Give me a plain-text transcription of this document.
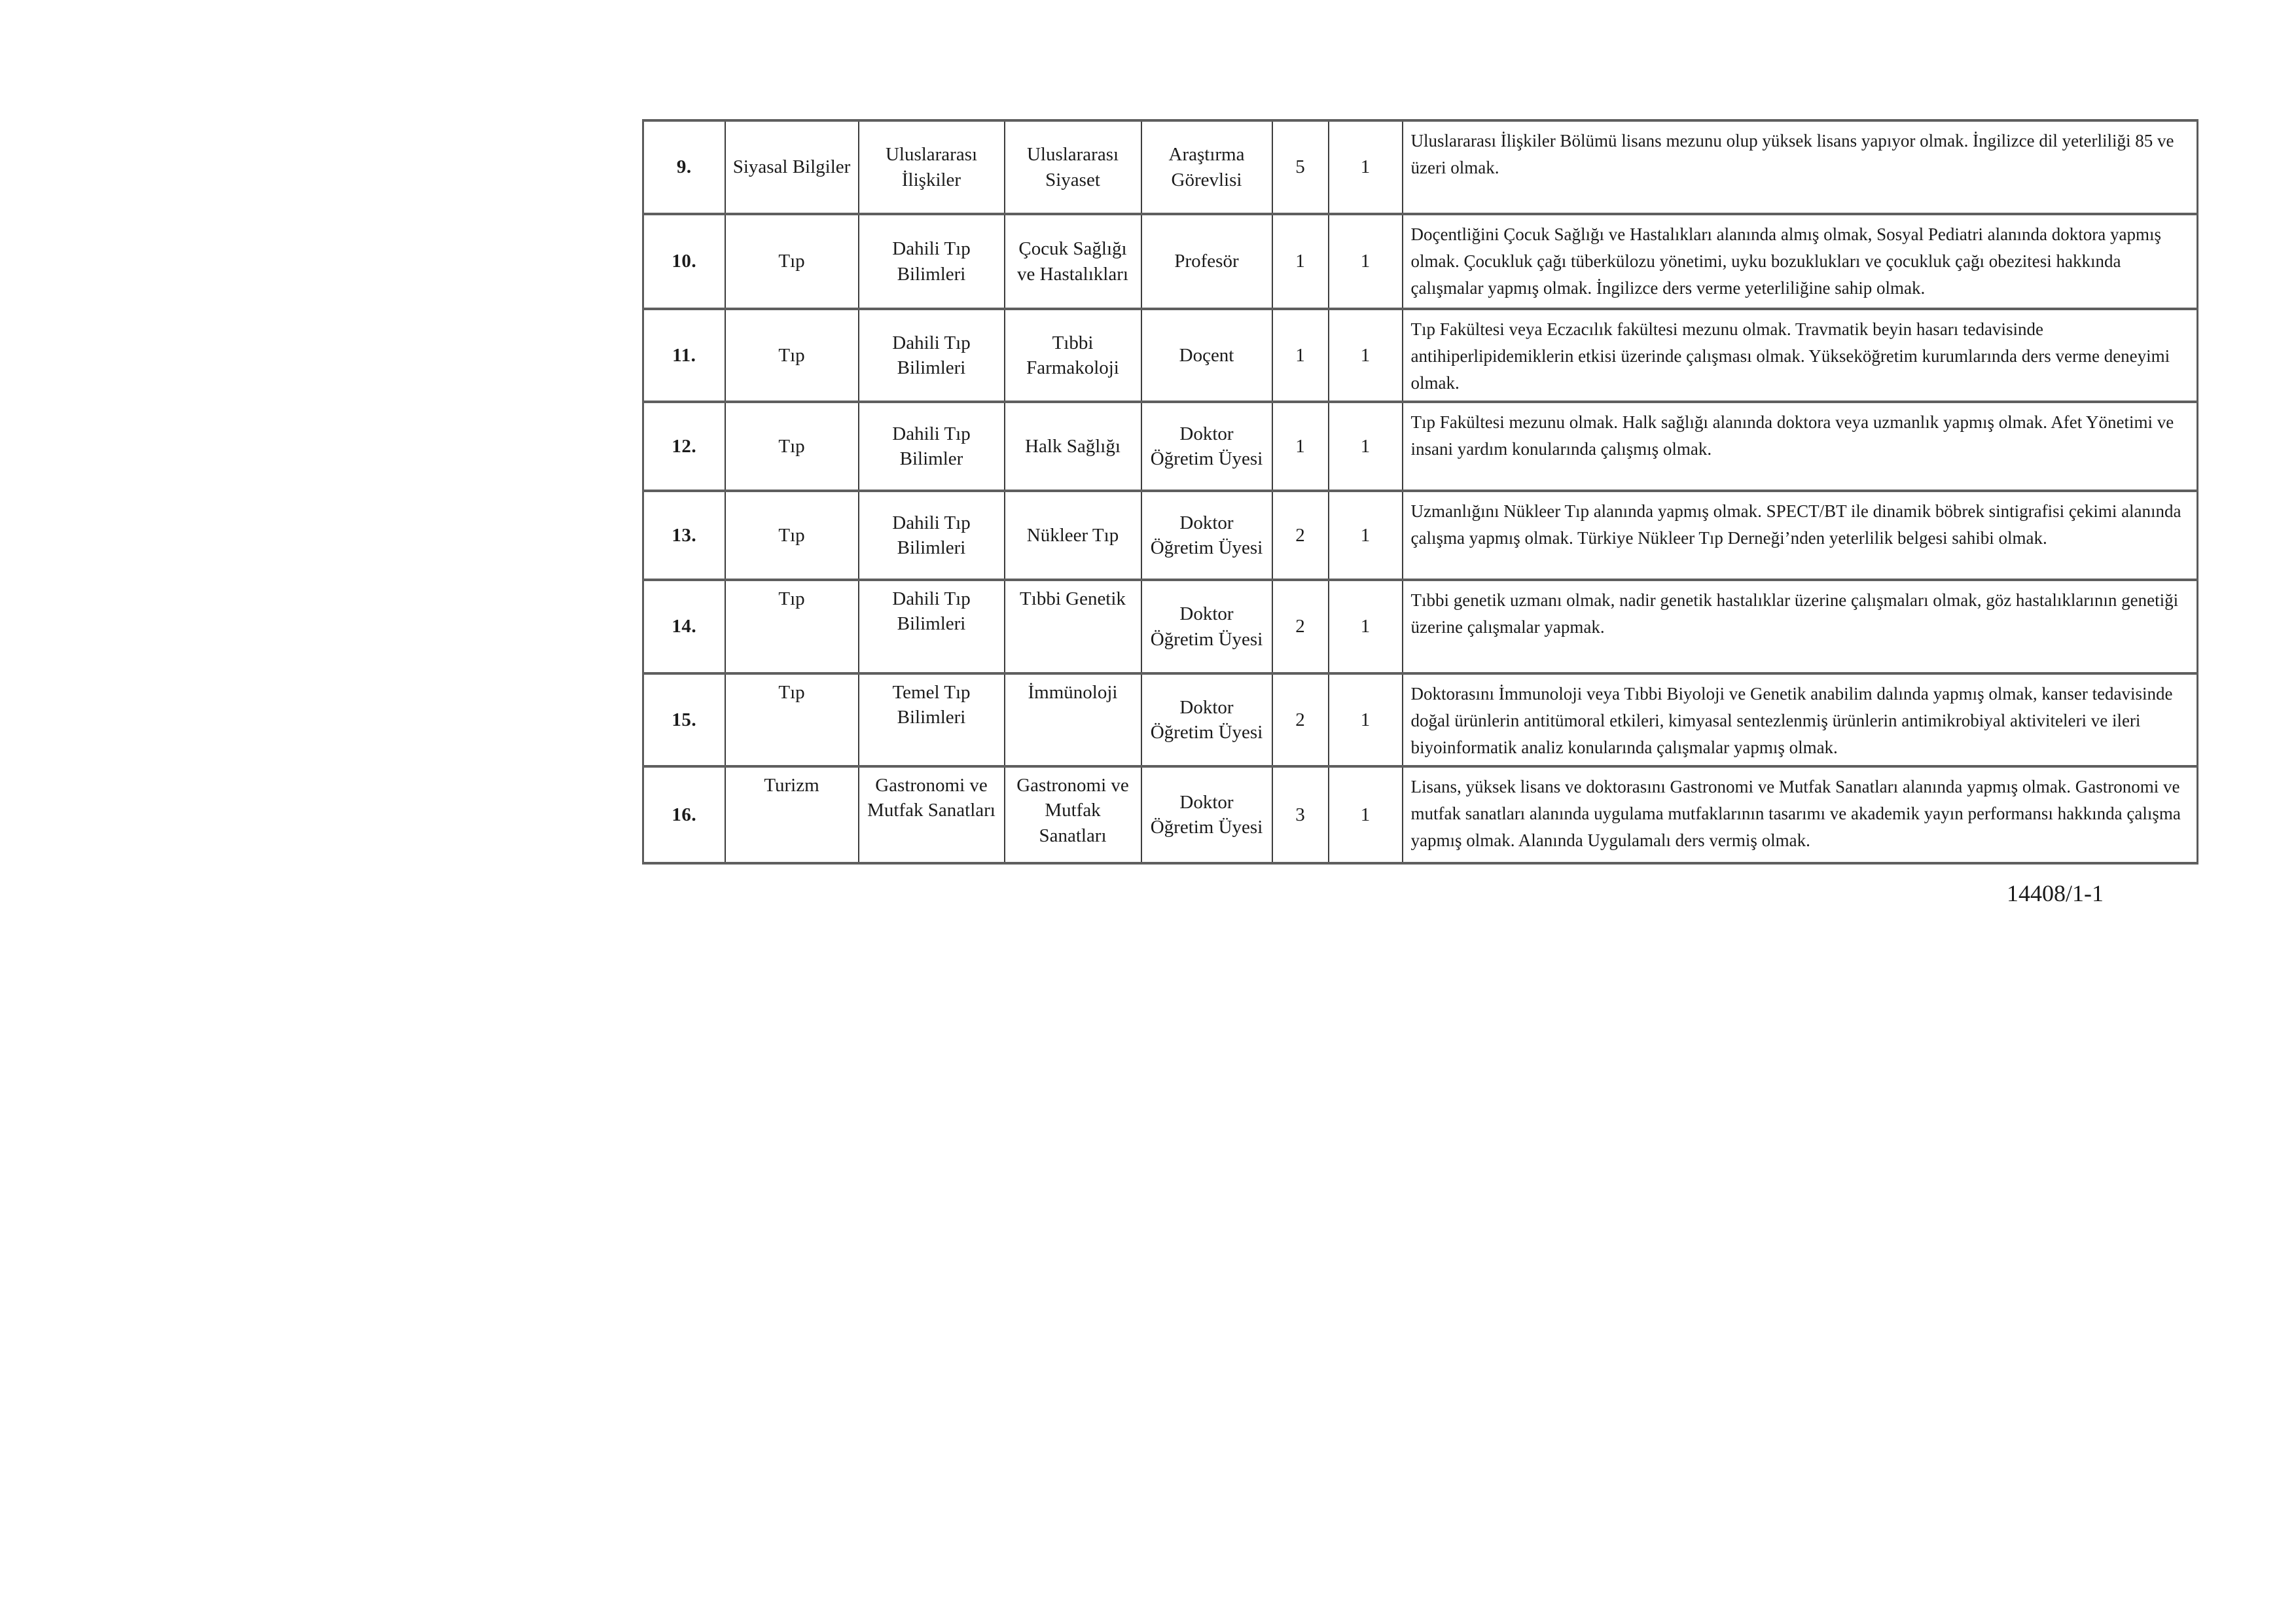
9.	Siyasal Bilgiler	Uluslararası İlişkiler	Uluslararası Siyaset	Araştırma Görevlisi	5	1	Uluslararası İlişkiler Bölümü lisans mezunu olup yüksek lisans yapıyor olmak. İngilizce dil yeterliliği 85 ve üzeri olmak.
10.	Tıp	Dahili Tıp Bilimleri	Çocuk Sağlığı ve Hastalıkları	Profesör	1	1	Doçentliğini Çocuk Sağlığı ve Hastalıkları alanında almış olmak, Sosyal Pediatri alanında doktora yapmış olmak. Çocukluk çağı tüberkülozu yönetimi, uyku bozuklukları ve çocukluk çağı obezitesi hakkında çalışmalar yapmış olmak. İngilizce ders verme yeterliliğine sahip olmak.
11.	Tıp	Dahili Tıp Bilimleri	Tıbbi Farmakoloji	Doçent	1	1	Tıp Fakültesi veya Eczacılık fakültesi mezunu olmak. Travmatik beyin hasarı tedavisinde antihiperlipidemiklerin etkisi üzerinde çalışması olmak. Yükseköğretim kurumlarında ders verme deneyimi olmak.
12.	Tıp	Dahili Tıp Bilimler	Halk Sağlığı	Doktor Öğretim Üyesi	1	1	Tıp Fakültesi mezunu olmak. Halk sağlığı alanında doktora veya uzmanlık yapmış olmak. Afet Yönetimi ve insani yardım konularında çalışmış olmak.
13.	Tıp	Dahili Tıp Bilimleri	Nükleer Tıp	Doktor Öğretim Üyesi	2	1	Uzmanlığını Nükleer Tıp alanında yapmış olmak. SPECT/BT ile dinamik böbrek sintigrafisi çekimi alanında çalışma yapmış olmak. Türkiye Nükleer Tıp Derneği’nden yeterlilik belgesi sahibi olmak.
14.	Tıp	Dahili Tıp Bilimleri	Tıbbi Genetik	Doktor Öğretim Üyesi	2	1	Tıbbi genetik uzmanı olmak, nadir genetik hastalıklar üzerine çalışmaları olmak, göz hastalıklarının genetiği üzerine çalışmalar yapmak.
15.	Tıp	Temel Tıp Bilimleri	İmmünoloji	Doktor Öğretim Üyesi	2	1	Doktorasını İmmunoloji veya Tıbbi Biyoloji ve Genetik anabilim dalında yapmış olmak, kanser tedavisinde doğal ürünlerin antitümoral etkileri, kimyasal sentezlenmiş ürünlerin antimikrobiyal aktiviteleri ve ileri biyoinformatik analiz konularında çalışmalar yapmış olmak.
16.	Turizm	Gastronomi ve Mutfak Sanatları	Gastronomi ve Mutfak Sanatları	Doktor Öğretim Üyesi	3	1	Lisans, yüksek lisans ve doktorasını Gastronomi ve Mutfak Sanatları alanında yapmış olmak. Gastronomi ve mutfak sanatları alanında uygulama mutfaklarının tasarımı ve akademik yayın performansı hakkında çalışma yapmış olmak. Alanında Uygulamalı ders vermiş olmak.
14408/1-1
